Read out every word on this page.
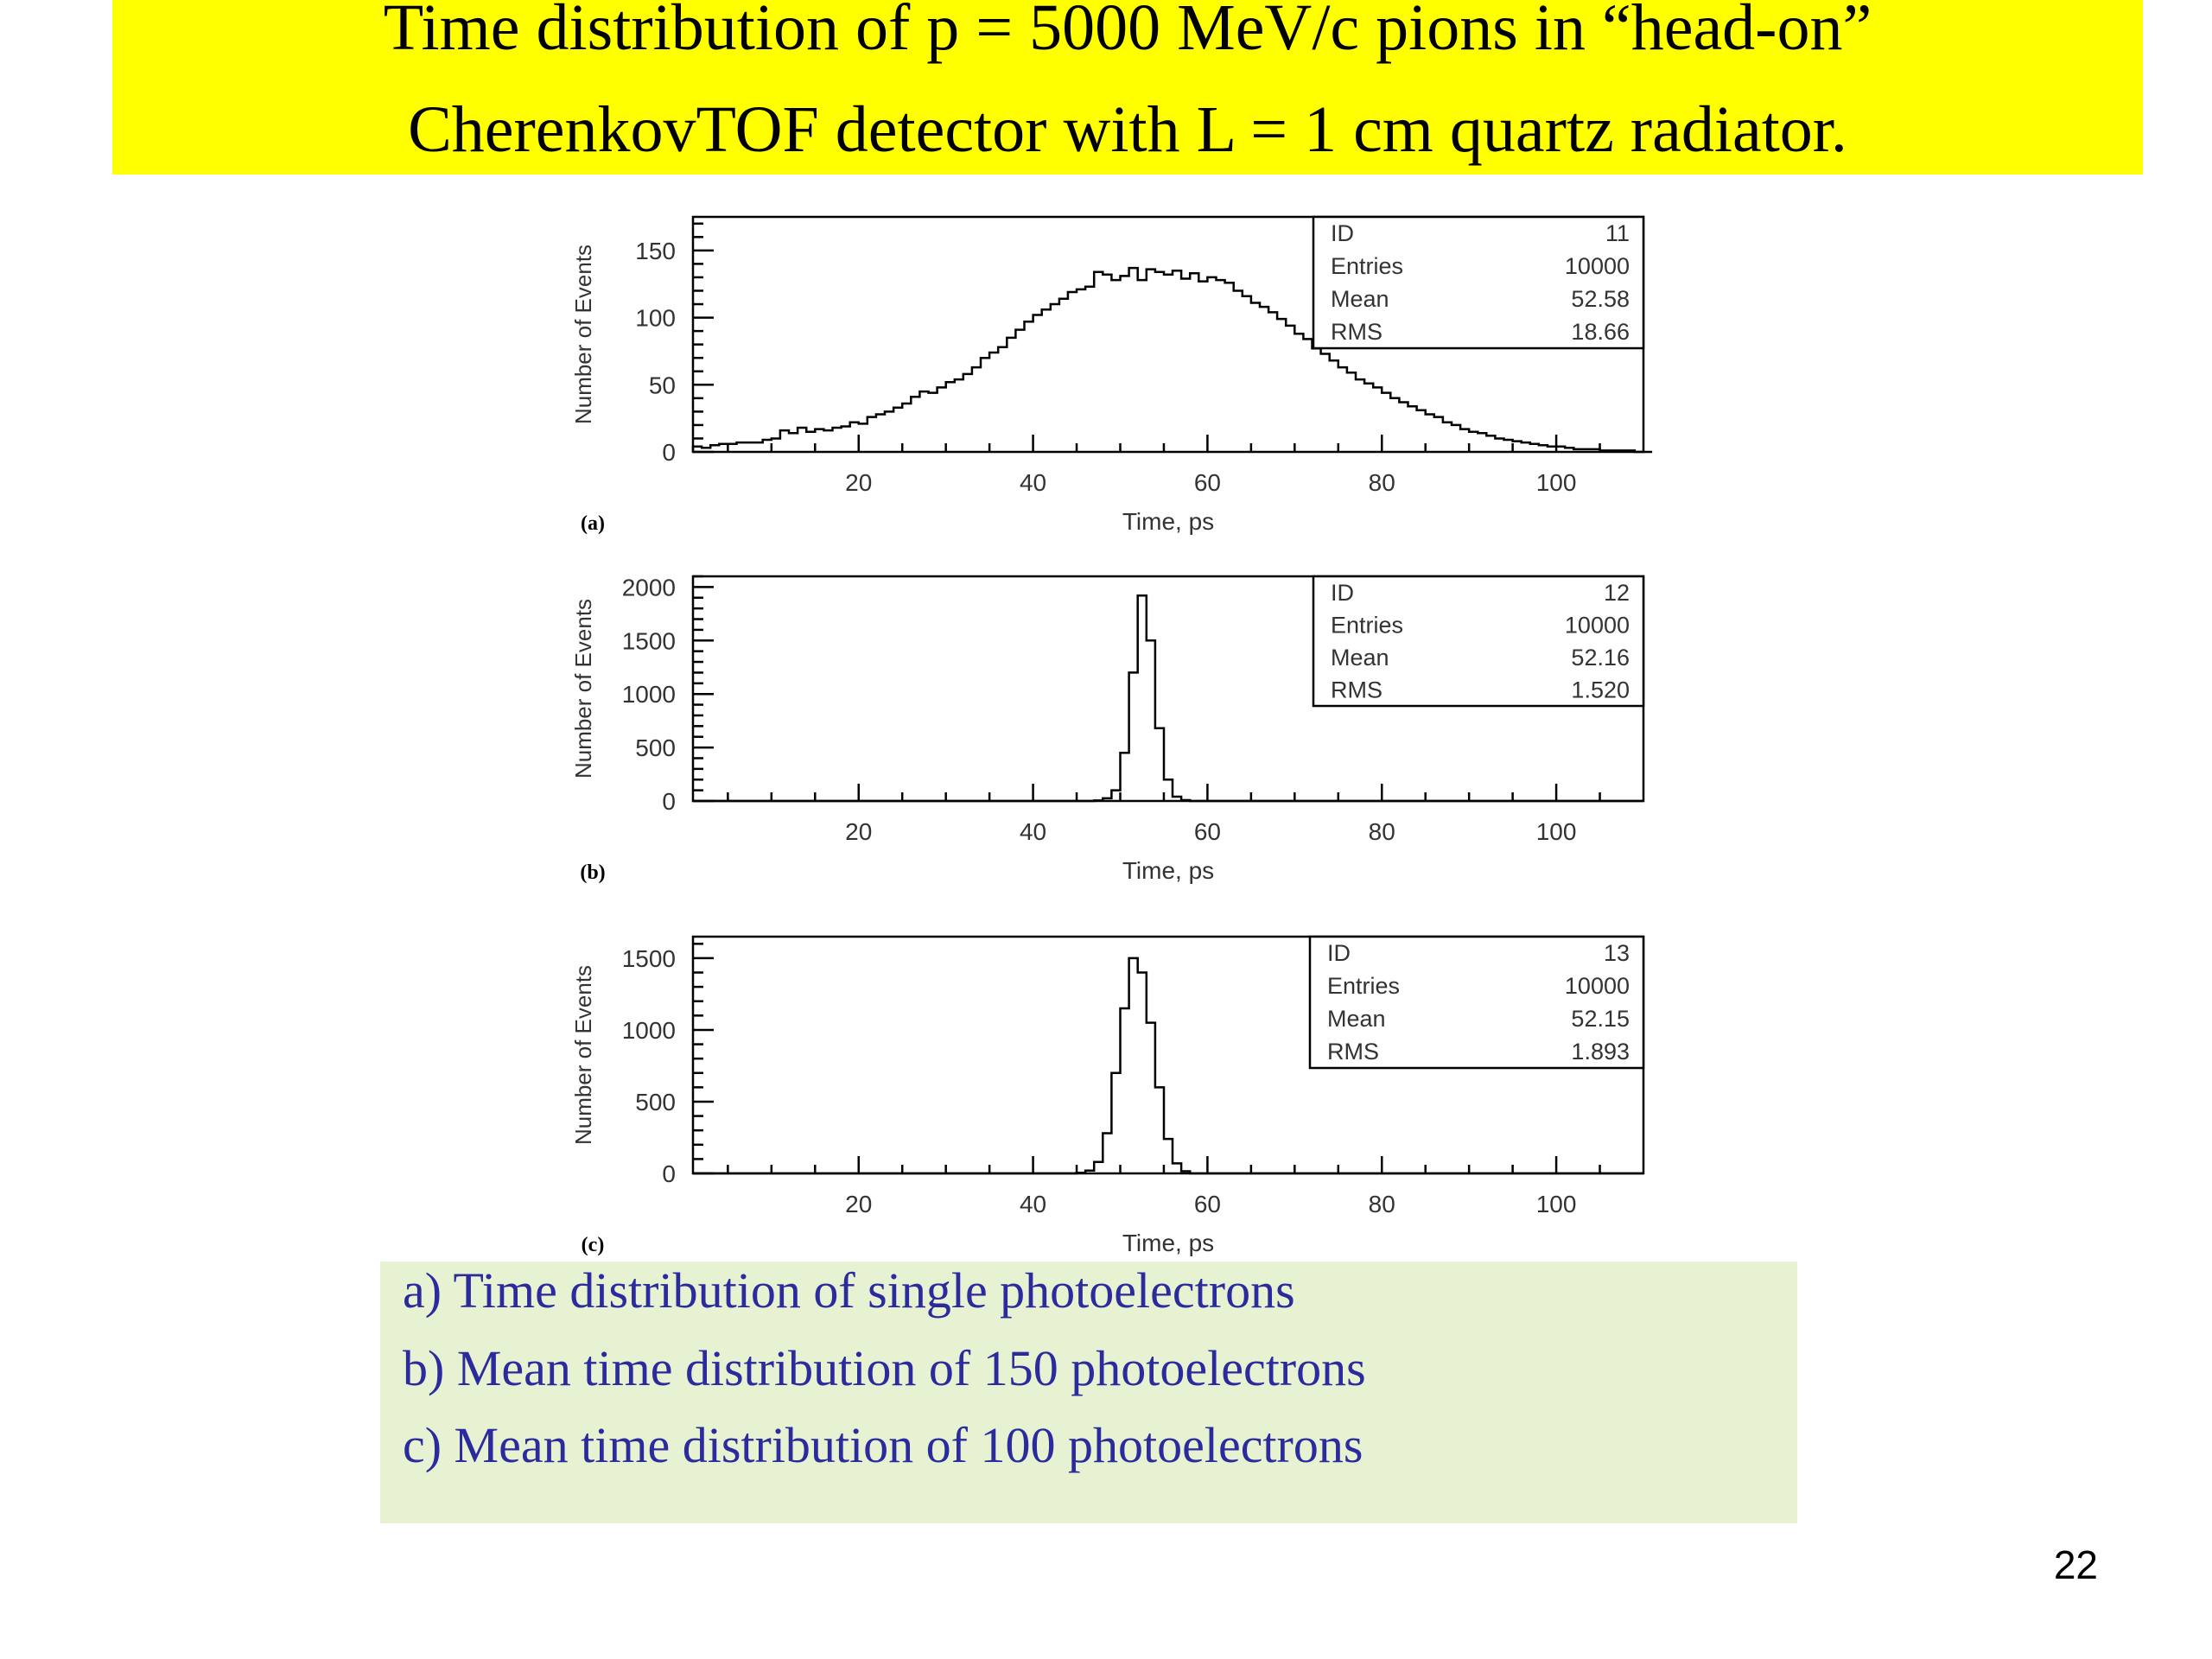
Time distribution of p = 5000 MeV/c pions in “head-on”
CherenkovTOF detector with L = 1 cm quartz radiator.
20	40	60	80	100
0
50
100
150
Time, ps
Number of Events
(a)
ID	11
Entries	10000
Mean	52.58
RMS	18.66
20	40	60	80	100
0
500
1000
1500
2000
Time, ps
Number of Events
(b)
ID	12
Entries	10000
Mean	52.16
RMS	1.520
20	40	60	80	100
0
500
1000
1500
Time, ps
Number of Events
(c)
ID	13
Entries	10000
Mean	52.15
RMS	1.893
a) Time distribution of single photoelectrons
b) Mean time distribution of 150 photoelectrons
c) Mean time distribution of 100 photoelectrons
22
